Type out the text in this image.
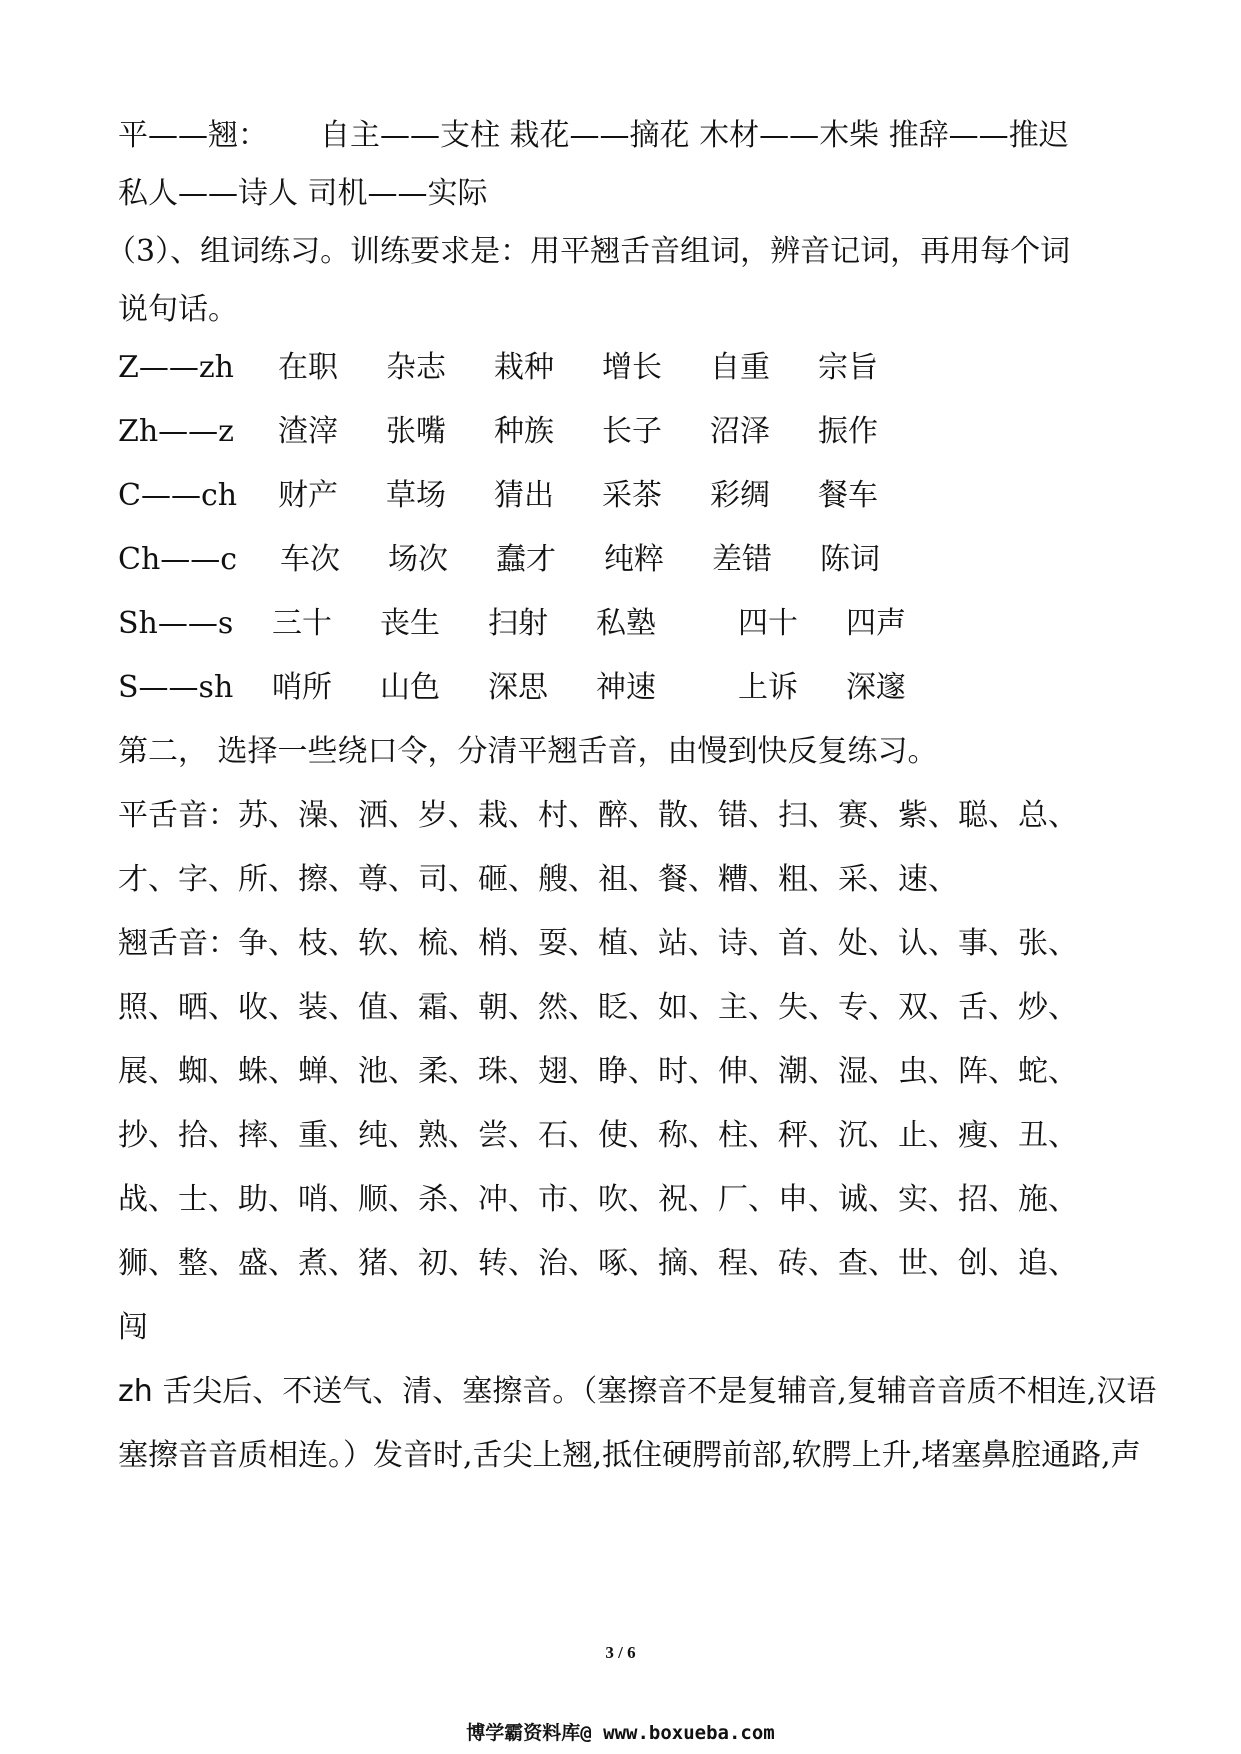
平——翘： 自主——支柱 栽花——摘花 木材——木柴 推辞——推迟
私人——诗人 司机——实际
（3）、组词练习。训练要求是：用平翘舌音组词，辨音记词，再用每个词
说句话。
Z——zh 在职 杂志 栽种 增长 自重 宗旨
Zh——z 渣滓 张嘴 种族 长子 沼泽 振作
C——ch 财产 草场 猜出 采茶 彩绸 餐车
Ch——c 车次 场次 蠢才 纯粹 差错 陈词
Sh——s 三十 丧生 扫射 私塾	四十 四声
S——sh 哨所 山色 深思 神速	上诉 深邃
第二， 选择一些绕口令，分清平翘舌音，由慢到快反复练习。
平舌音：苏、澡、洒、岁、栽、村、醉、散、错、扫、赛、紫、聪、总、
才、字、所、擦、尊、司、砸、艘、祖、餐、糟、粗、采、速、
翘舌音：争、枝、软、梳、梢、耍、植、站、诗、首、处、认、事、张、
照、晒、收、装、值、霜、朝、然、眨、如、主、失、专、双、舌、炒、
展、蜘、蛛、蝉、池、柔、珠、翅、睁、时、伸、潮、湿、虫、阵、蛇、
抄、拾、摔、重、纯、熟、尝、石、使、称、柱、秤、沉、止、瘦、丑、
战、士、助、哨、顺、杀、冲、市、吹、祝、厂、申、诚、实、招、施、
狮、整、盛、煮、猪、初、转、治、啄、摘、程、砖、查、世、创、追、
闯
zh 舌尖后、不送气、清、塞擦音。（塞擦音不是复辅音,复辅音音质不相连,汉语
塞擦音音质相连。）发音时,舌尖上翘,抵住硬腭前部,软腭上升,堵塞鼻腔通路,声
3 / 6
博学霸资料库@ www.boxueba.com
